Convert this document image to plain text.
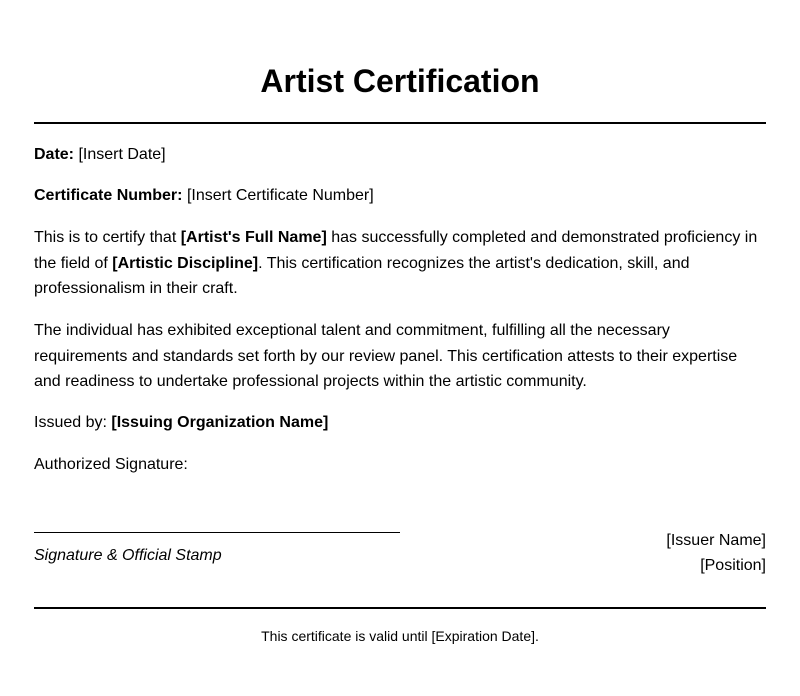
Artist Certification

Date: [Insert Date]

Certificate Number: [Insert Certificate Number]

This is to certify that [Artist's Full Name] has successfully completed and demonstrated proficiency in the field of [Artistic Discipline]. This certification recognizes the artist's dedication, skill, and professionalism in their craft.

The individual has exhibited exceptional talent and commitment, fulfilling all the necessary requirements and standards set forth by our review panel. This certification attests to their expertise and readiness to undertake professional projects within the artistic community.

Issued by: [Issuing Organization Name]

Authorized Signature:

Signature & Official Stamp

[Issuer Name]
[Position]

This certificate is valid until [Expiration Date].
